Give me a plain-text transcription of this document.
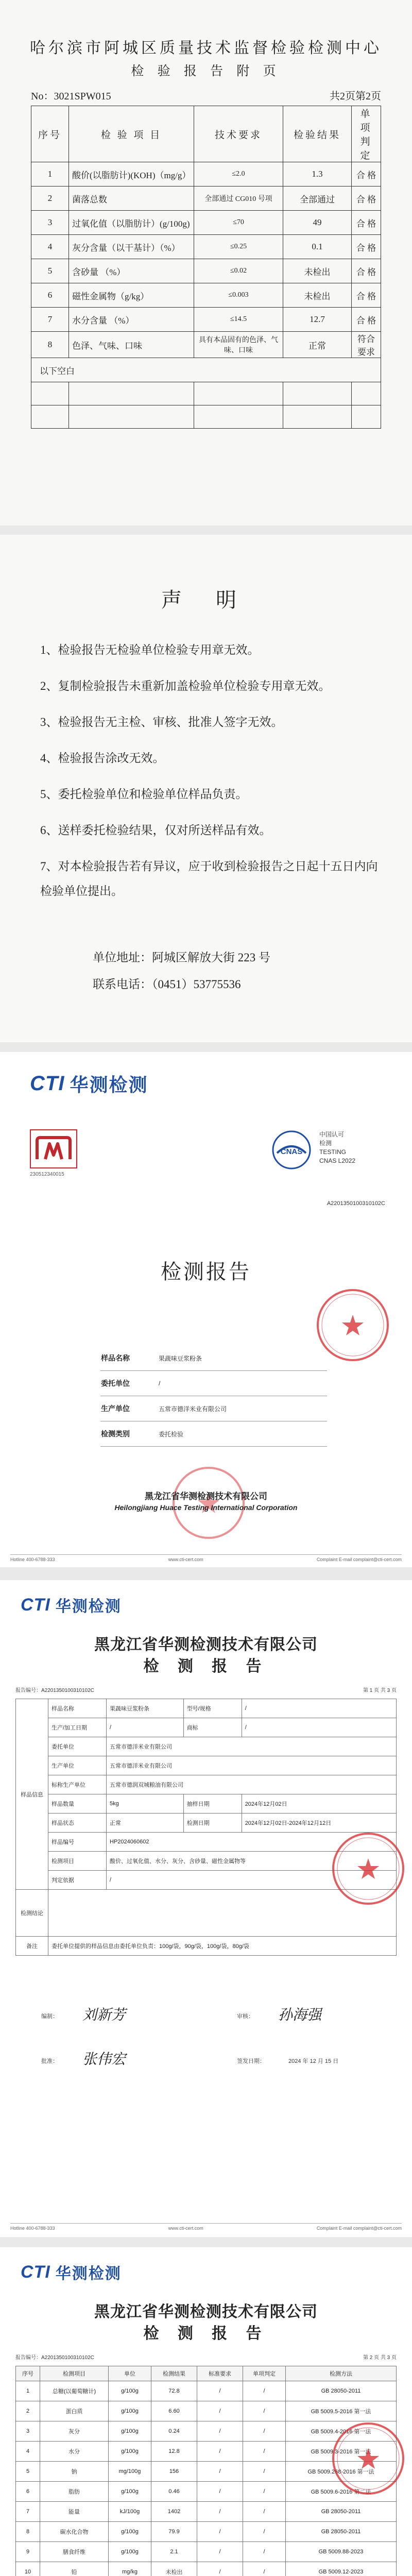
哈尔滨市阿城区质量技术监督检验检测中心
检 验 报 告 附 页
No：3021SPW015	共2页第2页
序号	检 验 项 目	技术要求	检验结果	单项判定
1	酸价(以脂肪计)(KOH)（mg/g）	≤2.0	1.3	合 格
2	菌落总数	全部通过 CG010 号项	全部通过	合 格
3	过氧化值（以脂肪计）(g/100g)	≤70	49	合 格
4	灰分含量（以干基计）（%）	≤0.25	0.1	合 格
5	含砂量 （%）	≤0.02	未检出	合 格
6	磁性金属物（g/kg）	≤0.003	未检出	合 格
7	水分含量 （%）	≤14.5	12.7	合 格
8	色泽、气味、口味	具有本品固有的色泽、气味、口味	正常	符合要求
以下空白				

声 明

1、检验报告无检验单位检验专用章无效。

2、复制检验报告未重新加盖检验单位检验专用章无效。

3、检验报告无主检、审核、批准人签字无效。

4、检验报告涂改无效。

5、委托检验单位和检验单位样品负责。

6、送样委托检验结果，仅对所送样品有效。

7、对本检验报告若有异议，应于收到检验报告之日起十五日内向检验单位提出。

单位地址：阿城区解放大街 223 号
联系电话：（0451）53775536
CTI 华测检测
230512340015
CNAS
中国认可
检测
TESTING
CNAS L2022
A2201350100310102C
检测报告
样品名称	果蔬味豆浆粉条
委托单位	/
生产单位	五常市德洋米业有限公司
检测类别	委托检验
黑龙江省华测检测技术有限公司
Heilongjiang Huace Testing International Corporation
Hotline 400-6788-333	www.cti-cert.com	Complaint E-mail complaint@cti-cert.com
CTI 华测检测
黑龙江省华测检测技术有限公司
检 测 报 告
报告编号：A2201350100310102C	第 1 页 共 3 页
样品信息	样品名称	果蔬味豆浆粉条	型号/规格	/
	生产/加工日期	/	商标	/
	委托单位	五常市德洋米业有限公司		
	生产单位	五常市德洋米业有限公司		
	标称生产单位	五常市德润双城粮油有限公司		
	样品数量	5kg	抽样日期	2024年12月02日
	样品状态	正常	检测日期	2024年12月02日-2024年12月12日
	样品编号	HP2024060602		
	检测项目	酸价、过氧化值、水分、灰分、含砂量、磁性金属物等		
	判定依据	/		
检测结论				
备注	委托单位提供的样品信息由委托单位负责：100g/袋，90g/袋，100g/袋，80g/袋			
编制： 刘新芳	审核： 孙海强
批准： 张伟宏	签发日期：	2024 年 12 月 15 日
Hotline 400-6788-333	www.cti-cert.com	Complaint E-mail complaint@cti-cert.com
CTI 华测检测
黑龙江省华测检测技术有限公司
检 测 报 告
报告编号：A2201350100310102C	第 2 页 共 3 页
序号	检测项目	单位	检测结果	标准要求	单项判定	检测方法
1	总糖(以葡萄糖计)	g/100g	72.8	/	/	GB 28050-2011
2	蛋白质	g/100g	6.60	/	/	GB 5009.5-2016 第一法
3	灰分	g/100g	0.24	/	/	GB 5009.4-2016 第一法
4	水分	g/100g	12.8	/	/	GB 5009.3-2016 第一法
5	钠	mg/100g	156	/	/	GB 5009.268-2016 第一法
6	脂肪	g/100g	0.46	/	/	GB 5009.6-2016 第二法
7	能量	kJ/100g	1402	/	/	GB 28050-2011
8	碳水化合物	g/100g	79.9	/	/	GB 28050-2011
9	膳食纤维	g/100g	2.1	/	/	GB 5009.88-2023
10	铅	mg/kg	未检出	/	/	GB 5009.12-2023
